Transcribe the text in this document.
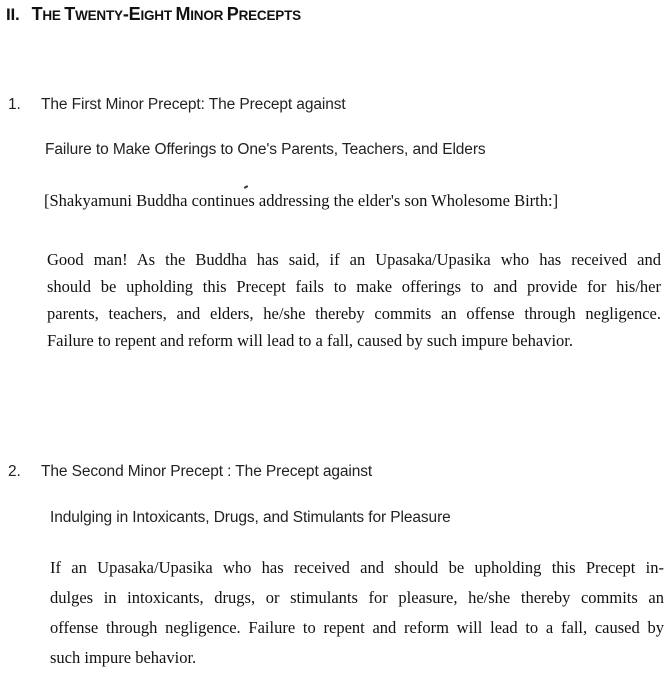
II. THE TWENTY-EIGHT MINOR PRECEPTS
1. The First Minor Precept: The Precept against
Failure to Make Offerings to One's Parents, Teachers, and Elders
[Shakyamuni Buddha continues addressing the elder's son Wholesome Birth:]
Good man! As the Buddha has said, if an Upasaka/Upasika who has received and
should be upholding this Precept fails to make offerings to and provide for his/her
parents, teachers, and elders, he/she thereby commits an offense through negligence.
Failure to repent and reform will lead to a fall, caused by such impure behavior.
2. The Second Minor Precept : The Precept against
Indulging in Intoxicants, Drugs, and Stimulants for Pleasure
If an Upasaka/Upasika who has received and should be upholding this Precept in-
dulges in intoxicants, drugs, or stimulants for pleasure, he/she thereby commits an
offense through negligence. Failure to repent and reform will lead to a fall, caused by
such impure behavior.
